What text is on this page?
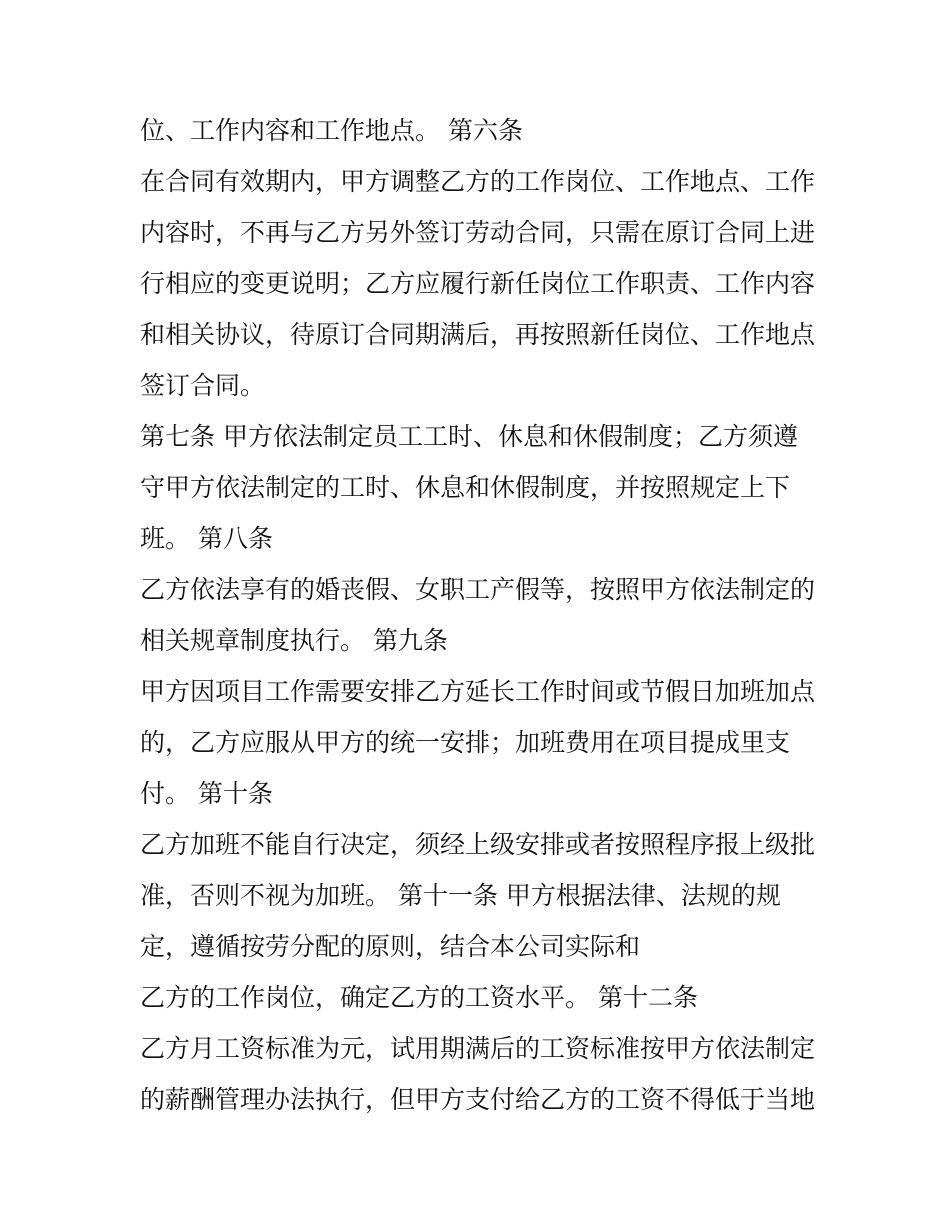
位、工作内容和工作地点。 第六条
在合同有效期内，甲方调整乙方的工作岗位、工作地点、工作
内容时，不再与乙方另外签订劳动合同，只需在原订合同上进
行相应的变更说明；乙方应履行新任岗位工作职责、工作内容
和相关协议，待原订合同期满后，再按照新任岗位、工作地点
签订合同。
第七条 甲方依法制定员工工时、休息和休假制度；乙方须遵
守甲方依法制定的工时、休息和休假制度，并按照规定上下
班。 第八条
乙方依法享有的婚丧假、女职工产假等，按照甲方依法制定的
相关规章制度执行。 第九条
甲方因项目工作需要安排乙方延长工作时间或节假日加班加点
的，乙方应服从甲方的统一安排；加班费用在项目提成里支
付。 第十条
乙方加班不能自行决定，须经上级安排或者按照程序报上级批
准，否则不视为加班。 第十一条 甲方根据法律、法规的规
定，遵循按劳分配的原则，结合本公司实际和
乙方的工作岗位，确定乙方的工资水平。 第十二条
乙方月工资标准为元，试用期满后的工资标准按甲方依法制定
的薪酬管理办法执行，但甲方支付给乙方的工资不得低于当地
